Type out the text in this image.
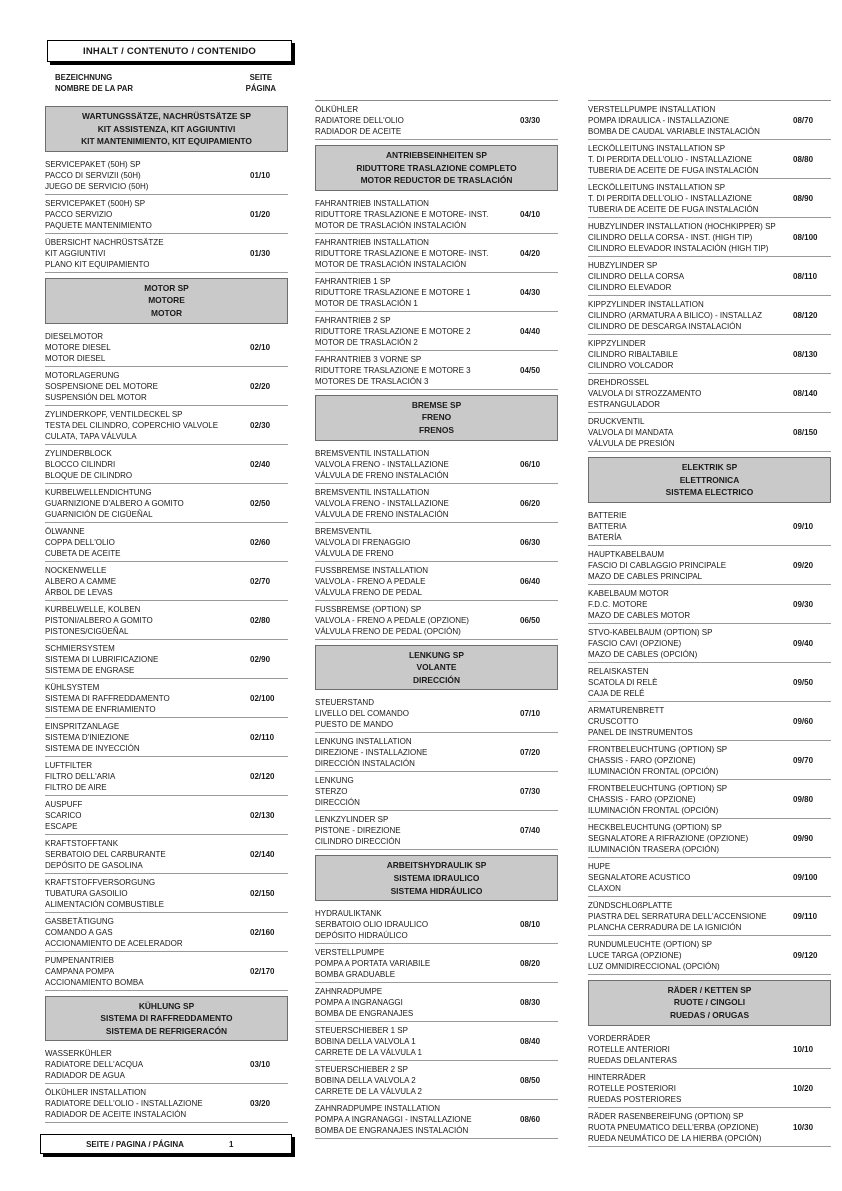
INHALT / CONTENUTO / CONTENIDO
BEZEICHNUNG
NOMBRE DE LA PAR
SEITE
PÁGINA
WARTUNGSSÄTZE, NACHRÜSTSÄTZE SP
KIT ASSISTENZA, KIT AGGIUNTIVI
KIT MANTENIMIENTO, KIT EQUIPAMIENTO
SERVICEPAKET (50H) SP
PACCO DI SERVIZII (50H)	01/10
JUEGO DE SERVICIO (50H)
SERVICEPAKET (500H) SP
PACCO SERVIZIO	01/20
PAQUETE MANTENIMIENTO
ÜBERSICHT NACHRÜSTSÄTZE
KIT AGGIUNTIVI	01/30
PLANO KIT EQUIPAMIENTO
MOTOR SP
MOTORE
MOTOR
DIESELMOTOR
MOTORE DIESEL	02/10
MOTOR DIESEL
MOTORLAGERUNG
SOSPENSIONE DEL MOTORE	02/20
SUSPENSIÓN DEL MOTOR
ZYLINDERKOPF, VENTILDECKEL SP
TESTA DEL CILINDRO, COPERCHIO VALVOLE	02/30
CULATA, TAPA VÁLVULA
ZYLINDERBLOCK
BLOCCO CILINDRI	02/40
BLOQUE DE CILINDRO
KURBELWELLENDICHTUNG
GUARNIZIONE D'ALBERO A GOMITO	02/50
GUARNICIÓN DE CIGÜEÑAL
ÖLWANNE
COPPA DELL'OLIO	02/60
CUBETA DE ACEITE
NOCKENWELLE
ALBERO A CAMME	02/70
ÁRBOL DE LEVAS
KURBELWELLE, KOLBEN
PISTONI/ALBERO A GOMITO	02/80
PISTONES/CIGÜEÑAL
SCHMIERSYSTEM
SISTEMA DI LUBRIFICAZIONE	02/90
SISTEMA DE ENGRASE
KÜHLSYSTEM
SISTEMA DI RAFFREDDAMENTO	02/100
SISTEMA DE ENFRIAMIENTO
EINSPRITZANLAGE
SISTEMA D'INIEZIONE	02/110
SISTEMA DE INYECCIÓN
LUFTFILTER
FILTRO DELL'ARIA	02/120
FILTRO DE AIRE
AUSPUFF
SCARICO	02/130
ESCAPE
KRAFTSTOFFTANK
SERBATOIO DEL CARBURANTE	02/140
DEPÓSITO DE GASOLINA
KRAFTSTOFFVERSORGUNG
TUBATURA GASOILIO	02/150
ALIMENTACIÓN COMBUSTIBLE
GASBETÄTIGUNG
COMANDO A GAS	02/160
ACCIONAMIENTO DE ACELERADOR
PUMPENANTRIEB
CAMPANA POMPA	02/170
ACCIONAMIENTO BOMBA
KÜHLUNG SP
SISTEMA DI RAFFREDDAMENTO
SISTEMA DE REFRIGERACÓN
WASSERKÜHLER
RADIATORE DELL'ACQUA	03/10
RADIADOR DE AGUA
ÖLKÜHLER INSTALLATION
RADIATORE DELL'OLIO - INSTALLAZIONE	03/20
RADIADOR DE ACEITE INSTALACIÓN
ÖLKÜHLER
RADIATORE DELL'OLIO	03/30
RADIADOR DE ACEITE
ANTRIEBSEINHEITEN SP
RIDUTTORE TRASLAZIONE COMPLETO
MOTOR REDUCTOR DE TRASLACIÓN
FAHRANTRIEB INSTALLATION
RIDUTTORE TRASLAZIONE E MOTORE- INST.	04/10
MOTOR DE TRASLACIÓN INSTALACIÓN
FAHRANTRIEB INSTALLATION
RIDUTTORE TRASLAZIONE E MOTORE- INST.	04/20
MOTOR DE TRASLACIÓN INSTALACIÓN
FAHRANTRIEB 1 SP
RIDUTTORE TRASLAZIONE E MOTORE 1	04/30
MOTOR DE TRASLACIÓN 1
FAHRANTRIEB 2 SP
RIDUTTORE TRASLAZIONE E MOTORE 2	04/40
MOTOR DE TRASLACIÓN 2
FAHRANTRIEB 3 VORNE SP
RIDUTTORE TRASLAZIONE E MOTORE 3	04/50
MOTORES DE TRASLACIÓN 3
BREMSE SP
FRENO
FRENOS
BREMSVENTIL INSTALLATION
VALVOLA FRENO - INSTALLAZIONE	06/10
VÁLVULA DE FRENO INSTALACIÓN
BREMSVENTIL INSTALLATION
VALVOLA FRENO - INSTALLAZIONE	06/20
VÁLVULA DE FRENO INSTALACIÓN
BREMSVENTIL
VALVOLA DI FRENAGGIO	06/30
VÁLVULA DE FRENO
FUSSBREMSE INSTALLATION
VALVOLA - FRENO A PEDALE	06/40
VÁLVULA FRENO DE PEDAL
FUSSBREMSE (OPTION) SP
VALVOLA - FRENO A PEDALE (OPZIONE)	06/50
VÁLVULA FRENO DE PEDAL (OPCIÓN)
LENKUNG SP
VOLANTE
DIRECCIÓN
STEUERSTAND
LIVELLO DEL COMANDO	07/10
PUESTO DE MANDO
LENKUNG INSTALLATION
DIREZIONE - INSTALLAZIONE	07/20
DIRECCIÓN INSTALACIÓN
LENKUNG
STERZO	07/30
DIRECCIÓN
LENKZYLINDER SP
PISTONE - DIREZIONE	07/40
CILINDRO DIRECCIÓN
ARBEITSHYDRAULIK SP
SISTEMA IDRAULICO
SISTEMA HIDRÁULICO
HYDRAULIKTANK
SERBATOIO OLIO IDRAULICO	08/10
DEPÓSITO HIDRAÚLICO
VERSTELLPUMPE
POMPA A PORTATA VARIABILE	08/20
BOMBA GRADUABLE
ZAHNRADPUMPE
POMPA A INGRANAGGI	08/30
BOMBA DE ENGRANAJES
STEUERSCHIEBER 1 SP
BOBINA DELLA VALVOLA 1	08/40
CARRETE DE LA VÁLVULA 1
STEUERSCHIEBER 2 SP
BOBINA DELLA VALVOLA 2	08/50
CARRETE DE LA VÁLVULA 2
ZAHNRADPUMPE INSTALLATION
POMPA A INGRANAGGI - INSTALLAZIONE	08/60
BOMBA DE ENGRANAJES INSTALACIÓN
VERSTELLPUMPE INSTALLATION
POMPA IDRAULICA - INSTALLAZIONE	08/70
BOMBA DE CAUDAL VARIABLE INSTALACIÓN
LECKÖLLEITUNG INSTALLATION SP
T. DI PERDITA DELL'OLIO - INSTALLAZIONE	08/80
TUBERIA DE ACEITE DE FUGA INSTALACIÓN
LECKÖLLEITUNG INSTALLATION SP
T. DI PERDITA DELL'OLIO - INSTALLAZIONE	08/90
TUBERIA DE ACEITE DE FUGA INSTALACIÓN
HUBZYLINDER INSTALLATION (HOCHKIPPER) SP
CILINDRO DELLA CORSA - INST. (HIGH TIP)	08/100
CILINDRO ELEVADOR INSTALACIÓN (HIGH TIP)
HUBZYLINDER SP
CILINDRO DELLA CORSA	08/110
CILINDRO ELEVADOR
KIPPZYLINDER INSTALLATION
CILINDRO (ARMATURA A BILICO) - INSTALLAZ	08/120
CILINDRO DE DESCARGA INSTALACIÓN
KIPPZYLINDER
CILINDRO RIBALTABILE	08/130
CILINDRO VOLCADOR
DREHDROSSEL
VALVOLA DI STROZZAMENTO	08/140
ESTRANGULADOR
DRUCKVENTIL
VALVOLA DI MANDATA	08/150
VÁLVULA DE PRESIÓN
ELEKTRIK SP
ELETTRONICA
SISTEMA ELECTRICO
BATTERIE
BATTERIA	09/10
BATERÍA
HAUPTKABELBAUM
FASCIO DI CABLAGGIO PRINCIPALE	09/20
MAZO DE CABLES PRINCIPAL
KABELBAUM MOTOR
F.D.C. MOTORE	09/30
MAZO DE CABLES MOTOR
STVO-KABELBAUM (OPTION) SP
FASCIO CAVI (OPZIONE)	09/40
MAZO DE CABLES (OPCIÓN)
RELAISKASTEN
SCATOLA DI RELÈ	09/50
CAJA DE RELÉ
ARMATURENBRETT
CRUSCOTTO	09/60
PANEL DE INSTRUMENTOS
FRONTBELEUCHTUNG (OPTION) SP
CHASSIS - FARO (OPZIONE)	09/70
ILUMINACIÓN FRONTAL (OPCIÓN)
FRONTBELEUCHTUNG (OPTION) SP
CHASSIS - FARO (OPZIONE)	09/80
ILUMINACIÓN FRONTAL (OPCIÓN)
HECKBELEUCHTUNG (OPTION) SP
SEGNALATORE A RIFRAZIONE (OPZIONE)	09/90
ILUMINACIÓN TRASERA (OPCIÓN)
HUPE
SEGNALATORE ACUSTICO	09/100
CLAXON
ZÜNDSCHLOßPLATTE
PIASTRA DEL SERRATURA DELL'ACCENSIONE	09/110
PLANCHA CERRADURA DE LA IGNICIÓN
RUNDUMLEUCHTE (OPTION) SP
LUCE TARGA (OPZIONE)	09/120
LUZ OMNIDIRECCIONAL (OPCIÓN)
RÄDER / KETTEN SP
RUOTE / CINGOLI
RUEDAS / ORUGAS
VORDERRÄDER
ROTELLE ANTERIORI	10/10
RUEDAS DELANTERAS
HINTERRÄDER
ROTELLE POSTERIORI	10/20
RUEDAS POSTERIORES
RÄDER RASENBEREIFUNG (OPTION) SP
RUOTA PNEUMATICO DELL'ERBA (OPZIONE)	10/30
RUEDA NEUMÁTICO DE LA HIERBA (OPCIÓN)
SEITE / PAGINA / PÁGINA	1
